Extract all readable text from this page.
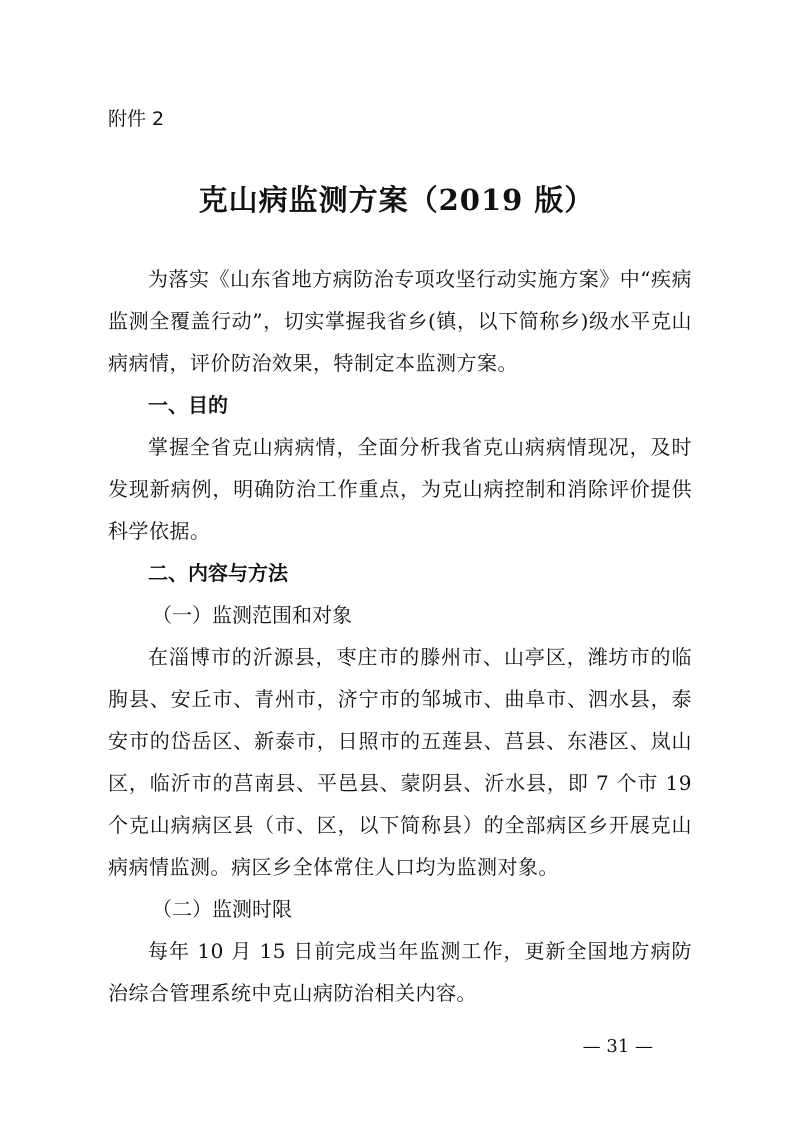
附件 2
克山病监测方案（2019 版）

为落实《山东省地方病防治专项攻坚行动实施方案》中“疾病监测全覆盖行动”，切实掌握我省乡(镇，以下简称乡)级水平克山病病情，评价防治效果，特制定本监测方案。

一、目的

掌握全省克山病病情，全面分析我省克山病病情现况，及时发现新病例，明确防治工作重点，为克山病控制和消除评价提供科学依据。

二、内容与方法

（一）监测范围和对象

在淄博市的沂源县，枣庄市的滕州市、山亭区，潍坊市的临朐县、安丘市、青州市，济宁市的邹城市、曲阜市、泗水县，泰安市的岱岳区、新泰市，日照市的五莲县、莒县、东港区、岚山区，临沂市的莒南县、平邑县、蒙阴县、沂水县，即 7 个市 19 个克山病病区县（市、区，以下简称县）的全部病区乡开展克山病病情监测。病区乡全体常住人口均为监测对象。

（二）监测时限

每年 10 月 15 日前完成当年监测工作，更新全国地方病防治综合管理系统中克山病防治相关内容。

— 31 —
